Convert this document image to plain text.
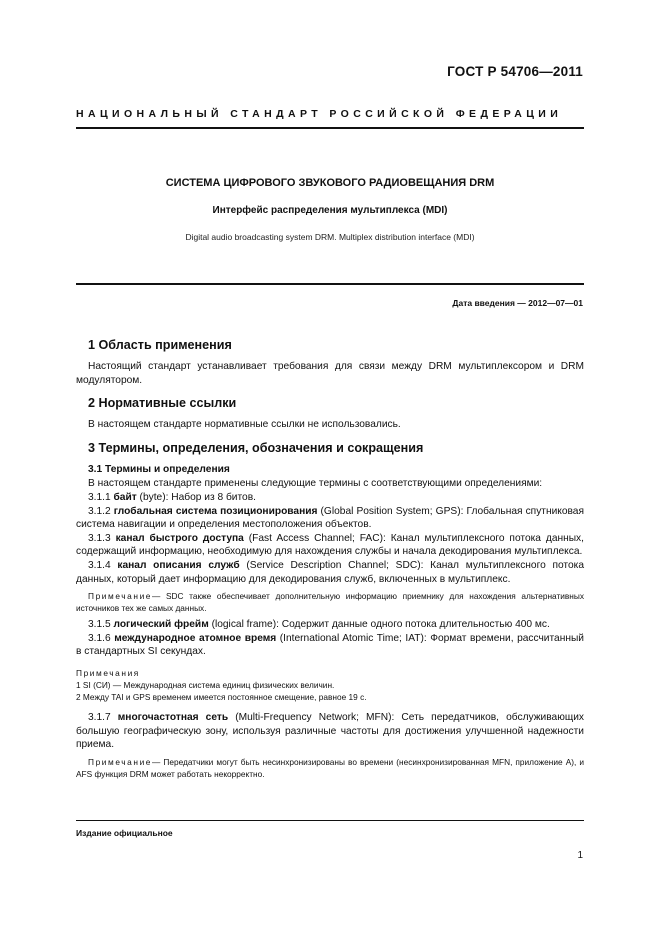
ГОСТ Р 54706—2011
НАЦИОНАЛЬНЫЙ СТАНДАРТ РОССИЙСКОЙ ФЕДЕРАЦИИ
СИСТЕМА ЦИФРОВОГО ЗВУКОВОГО РАДИОВЕЩАНИЯ DRM
Интерфейс распределения мультиплекса (MDI)
Digital audio broadcasting system DRM. Multiplex distribution interface (MDI)
Дата введения — 2012—07—01
1 Область применения

Настоящий стандарт устанавливает требования для связи между DRM мультиплексором и DRM модулятором.

2 Нормативные ссылки

В настоящем стандарте нормативные ссылки не использовались.

3 Термины, определения, обозначения и сокращения
3.1 Термины и определения

В настоящем стандарте применены следующие термины с соответствующими определениями:

3.1.1 байт (byte): Набор из 8 битов.

3.1.2 глобальная система позиционирования (Global Position System; GPS): Глобальная спутниковая система навигации и определения местоположения объектов.

3.1.3 канал быстрого доступа (Fast Access Channel; FAC): Канал мультиплексного потока данных, содержащий информацию, необходимую для нахождения службы и начала декодирования мультиплекса.

3.1.4 канал описания служб (Service Description Channel; SDC): Канал мультиплексного потока данных, который дает информацию для декодирования служб, включенных в мультиплекс.

Примечание— SDC также обеспечивает дополнительную информацию приемнику для нахождения альтернативных источников тех же самых данных.

3.1.5 логический фрейм (logical frame): Содержит данные одного потока длительностью 400 мс.

3.1.6 международное атомное время (International Atomic Time; IAT): Формат времени, рассчитанный в стандартных SI секундах.

Примечания
1 SI (СИ) — Международная система единиц физических величин.
2 Между TAI и GPS временем имеется постоянное смещение, равное 19 с.

3.1.7 многочастотная сеть (Multi-Frequency Network; MFN): Сеть передатчиков, обслуживающих большую географическую зону, используя различные частоты для достижения улучшенной надежности приема.

Примечание— Передатчики могут быть несинхронизированы во времени (несинхронизированная MFN, приложение А), и AFS функция DRM может работать некорректно.

Издание официальное
1
